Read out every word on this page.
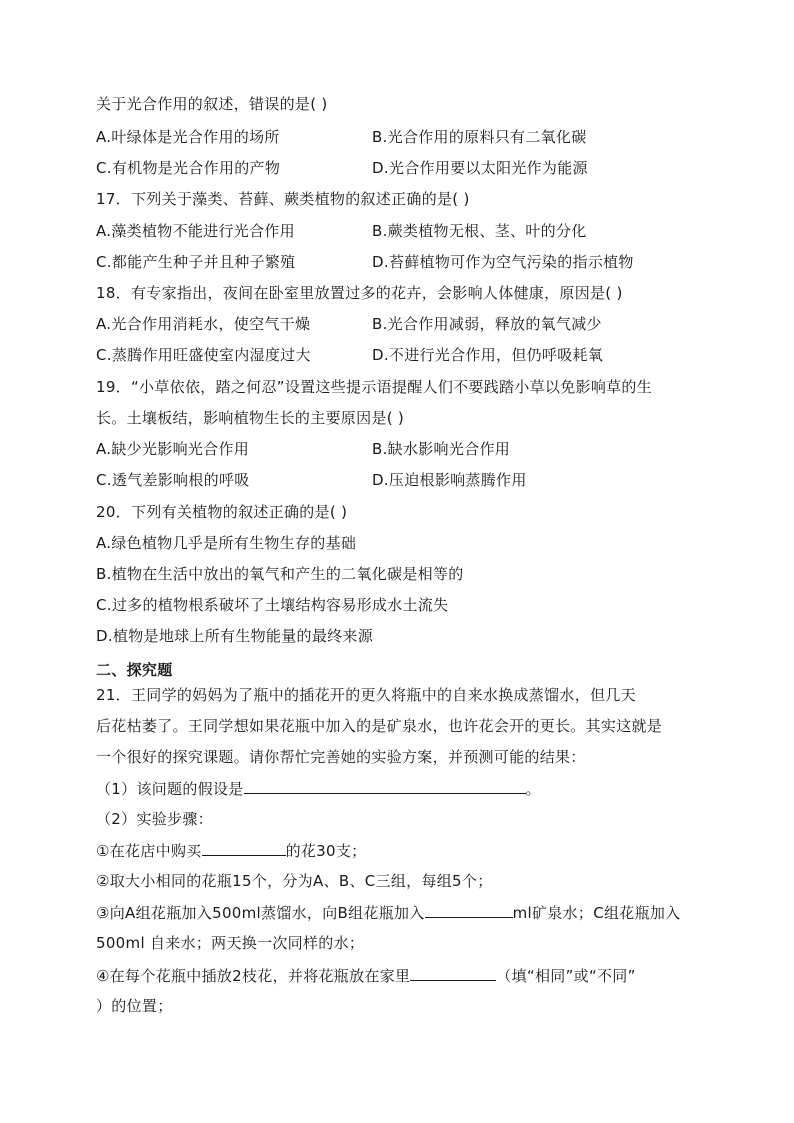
关于光合作用的叙述，错误的是( )
A.叶绿体是光合作用的场所	B.光合作用的原料只有二氧化碳
C.有机物是光合作用的产物	D.光合作用要以太阳光作为能源
17．下列关于藻类、苔藓、蕨类植物的叙述正确的是( )
A.藻类植物不能进行光合作用	B.蕨类植物无根、茎、叶的分化
C.都能产生种子并且种子繁殖	D.苔藓植物可作为空气污染的指示植物
18．有专家指出，夜间在卧室里放置过多的花卉，会影响人体健康，原因是( )
A.光合作用消耗水，使空气干燥	B.光合作用减弱，释放的氧气减少
C.蒸腾作用旺盛使室内湿度过大	D.不进行光合作用，但仍呼吸耗氧
19．“小草依依，踏之何忍”设置这些提示语提醒人们不要践踏小草以免影响草的生
长。土壤板结，影响植物生长的主要原因是( )
A.缺少光影响光合作用	B.缺水影响光合作用
C.透气差影响根的呼吸	D.压迫根影响蒸腾作用
20．下列有关植物的叙述正确的是( )
A.绿色植物几乎是所有生物生存的基础
B.植物在生活中放出的氧气和产生的二氧化碳是相等的
C.过多的植物根系破坏了土壤结构容易形成水土流失
D.植物是地球上所有生物能量的最终来源
二、探究题
21．王同学的妈妈为了瓶中的插花开的更久将瓶中的自来水换成蒸馏水，但几天
后花枯萎了。王同学想如果花瓶中加入的是矿泉水，也许花会开的更长。其实这就是
一个很好的探究课题。请你帮忙完善她的实验方案，并预测可能的结果：
（1）该问题的假设是	。
（2）实验步骤：
①在花店中购买	的花30支；
②取大小相同的花瓶15个，分为A、B、C三组，每组5个；
③向A组花瓶加入500ml蒸馏水，向B组花瓶加入	ml矿泉水；C组花瓶加入
500ml 自来水；两天换一次同样的水；
④在每个花瓶中插放2枝花，并将花瓶放在家里	（填“相同”或“不同”
）的位置；
